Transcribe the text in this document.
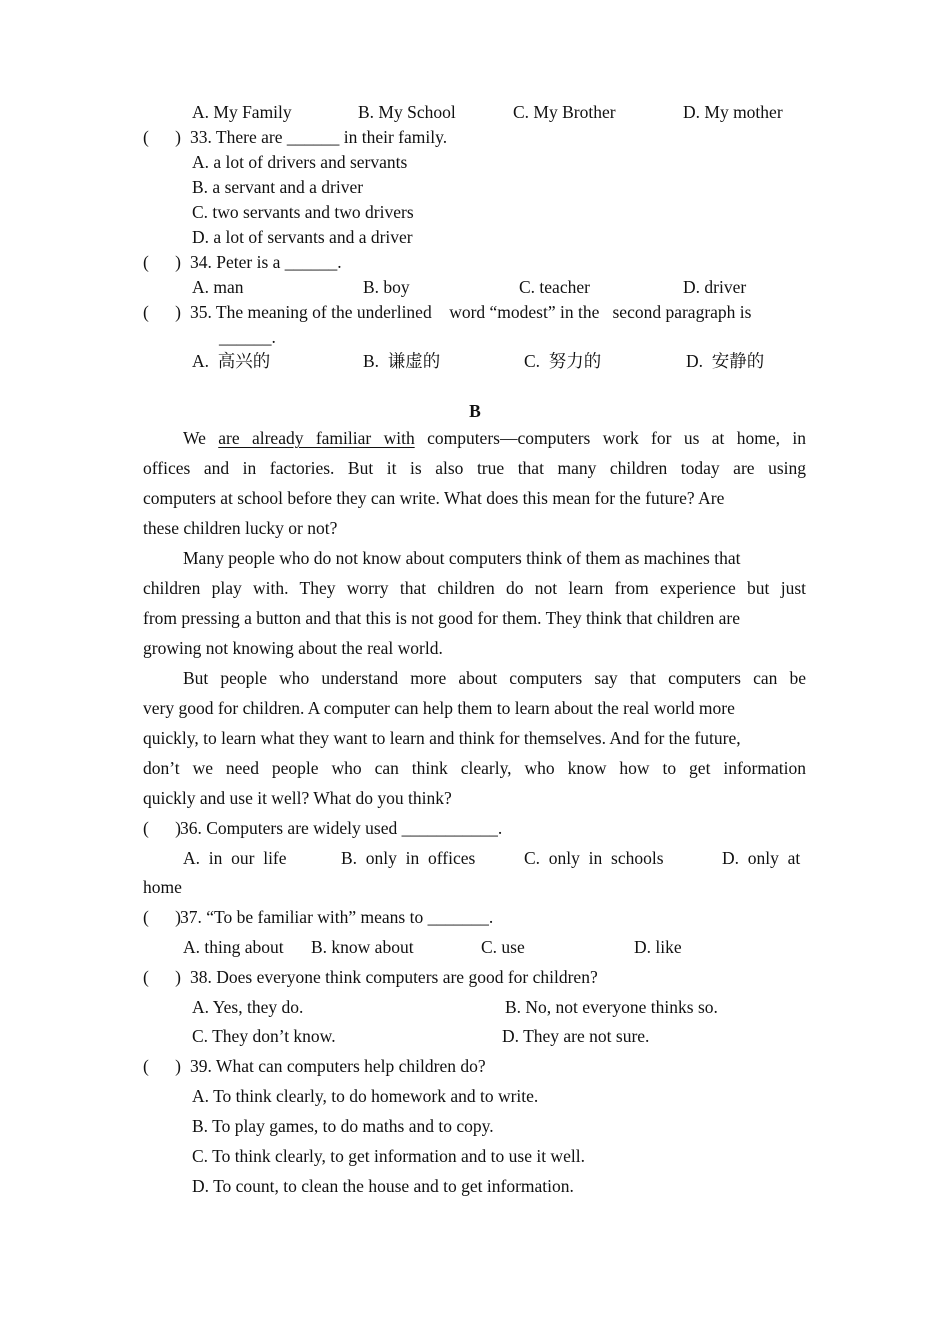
A. My Family	B. My School	C. My Brother	D. My mother
(      ) 33. There are ______ in their family.
A. a lot of drivers and servants
B. a servant and a driver
C. two servants and two drivers
D. a lot of servants and a driver
(      ) 34. Peter is a ______.
A. man	B. boy	C. teacher	D. driver
(      ) 35. The meaning of the underlined    word “modest” in the   second paragraph is
______.
A.  高兴的	B.  谦虚的	C.  努力的	D.  安静的
B
We are already familiar with computers—computers work for us at home, in
offices and in factories. But it is also true that many children today are using
computers at school before they can write. What does this mean for the future? Are
these children lucky or not?
Many people who do not know about computers think of them as machines that
children play with. They worry that children do not learn from experience but just
from pressing a button and that this is not good for them. They think that children are
growing not knowing about the real world.
But people who understand more about computers say that computers can be
very good for children. A computer can help them to learn about the real world more
quickly, to learn what they want to learn and think for themselves. And for the future,
don’t we need people who can think clearly, who know how to get information
quickly and use it well? What do you think?
(      ) 36. Computers are widely used ___________.
A.  in  our  life	B.  only  in  offices	C.  only  in  schools	D.  only  at
home
(      ) 37. “To be familiar with” means to _______.
A. thing about B. know about	C. use	D. like
(      ) 38. Does everyone think computers are good for children?
A. Yes, they do.	B. No, not everyone thinks so.
C. They don’t know.	D. They are not sure.
(      ) 39. What can computers help children do?
A. To think clearly, to do homework and to write.
B. To play games, to do maths and to copy.
C. To think clearly, to get information and to use it well.
D. To count, to clean the house and to get information.
